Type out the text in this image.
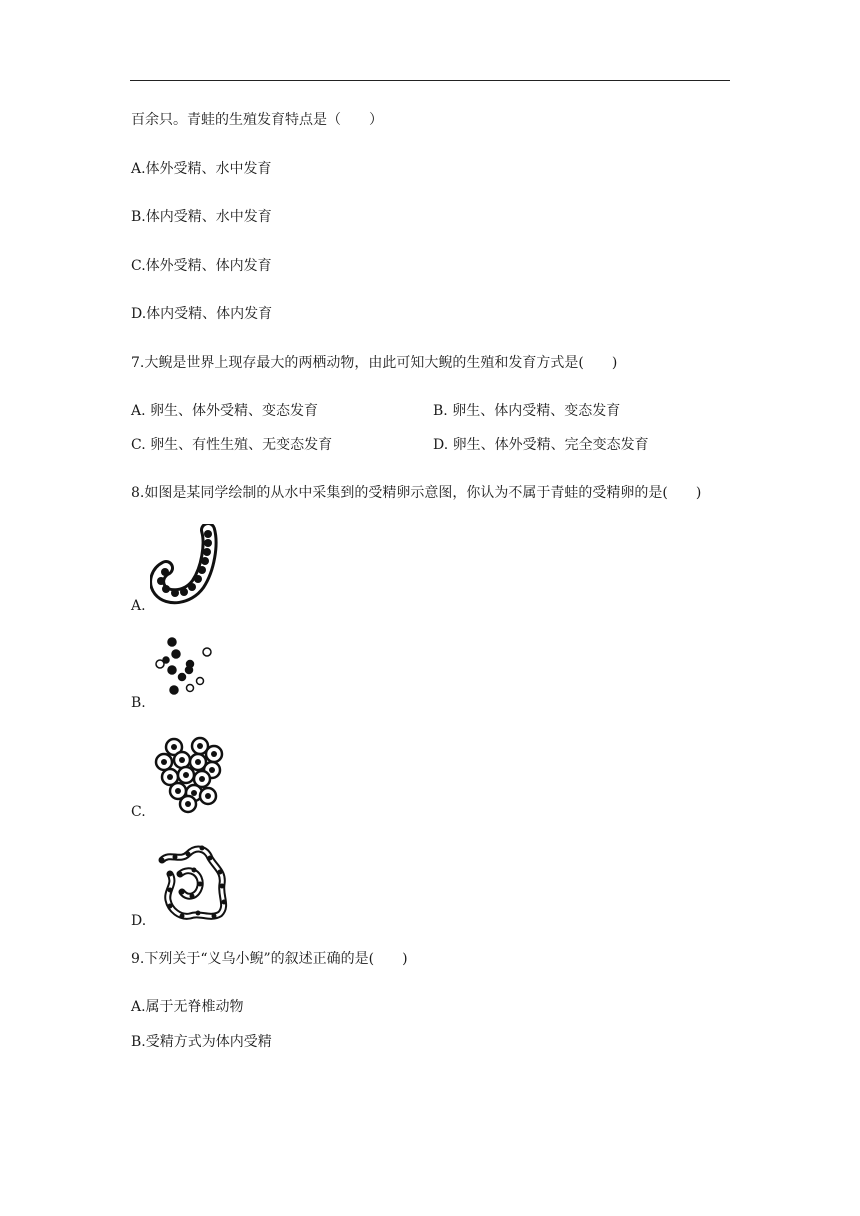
百余只。青蛙的生殖发育特点是（　　）
A.体外受精、水中发育
B.体内受精、水中发育
C.体外受精、体内发育
D.体内受精、体内发育
7.大鲵是世界上现存最大的两栖动物，由此可知大鲵的生殖和发育方式是(　　)
A. 卵生、体外受精、变态发育	B. 卵生、体内受精、变态发育
C. 卵生、有性生殖、无变态发育	D. 卵生、体外受精、完全变态发育
8.如图是某同学绘制的从水中采集到的受精卵示意图，你认为不属于青蛙的受精卵的是(　　)
A.
B.
C.
D.
9.下列关于“义乌小鲵”的叙述正确的是(　　)
A.属于无脊椎动物
B.受精方式为体内受精
